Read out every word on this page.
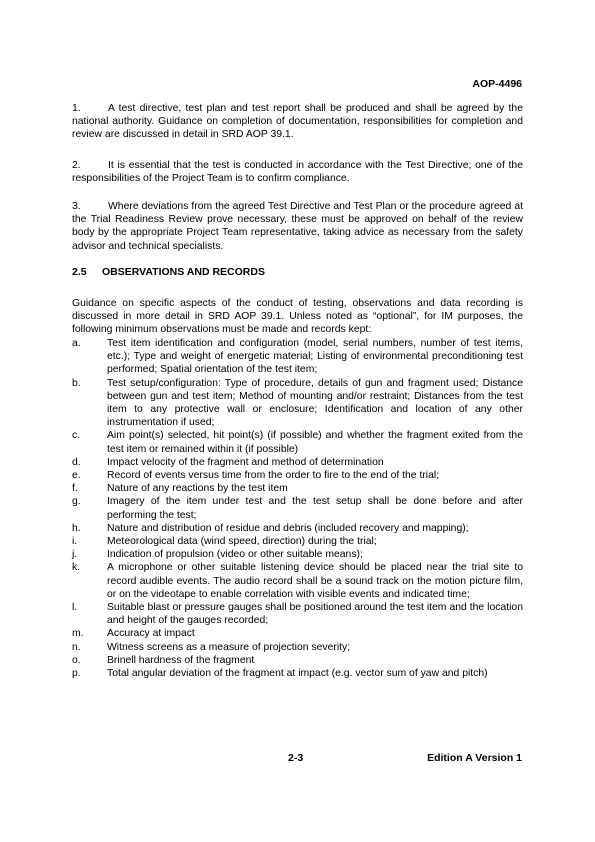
AOP-4496
1.	A test directive, test plan and test report shall be produced and shall be agreed by the national authority. Guidance on completion of documentation, responsibilities for completion and review are discussed in detail in SRD AOP 39.1.
2.	It is essential that the test is conducted in accordance with the Test Directive; one of the responsibilities of the Project Team is to confirm compliance.
3.	Where deviations from the agreed Test Directive and Test Plan or the procedure agreed at the Trial Readiness Review prove necessary, these must be approved on behalf of the review body by the appropriate Project Team representative, taking advice as necessary from the safety advisor and technical specialists.
2.5 OBSERVATIONS AND RECORDS
Guidance on specific aspects of the conduct of testing, observations and data recording is discussed in more detail in SRD AOP 39.1. Unless noted as “optional”, for IM purposes, the following minimum observations must be made and records kept:
a.	Test item identification and configuration (model, serial numbers, number of test items, etc.); Type and weight of energetic material; Listing of environmental preconditioning test performed; Spatial orientation of the test item;
b.	Test setup/configuration: Type of procedure, details of gun and fragment used; Distance between gun and test item; Method of mounting and/or restraint; Distances from the test item to any protective wall or enclosure; Identification and location of any other instrumentation if used;
c.	Aim point(s) selected, hit point(s) (if possible) and whether the fragment exited from the test item or remained within it (if possible)
d.	Impact velocity of the fragment and method of determination
e.	Record of events versus time from the order to fire to the end of the trial;
f.	Nature of any reactions by the test item
g.	Imagery of the item under test and the test setup shall be done before and after performing the test;
h.	Nature and distribution of residue and debris (included recovery and mapping);
i.	Meteorological data (wind speed, direction) during the trial;
j.	Indication of propulsion (video or other suitable means);
k.	A microphone or other suitable listening device should be placed near the trial site to record audible events. The audio record shall be a sound track on the motion picture film, or on the videotape to enable correlation with visible events and indicated time;
l.	Suitable blast or pressure gauges shall be positioned around the test item and the location and height of the gauges recorded;
m.	Accuracy at impact
n.	Witness screens as a measure of projection severity;
o.	Brinell hardness of the fragment
p.	Total angular deviation of the fragment at impact (e.g. vector sum of yaw and pitch)
2-3	Edition A Version 1
